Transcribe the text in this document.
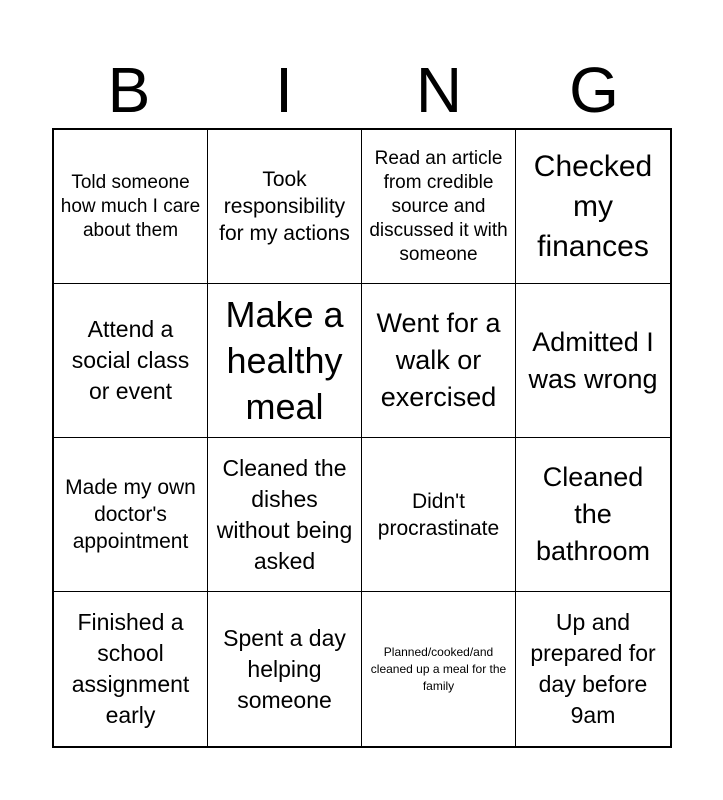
B	I	N	G
Told someone how much I care about them
Took responsibility for my actions
Read an article from credible source and discussed it with someone
Checked my finances
Attend a social class or event
Make a healthy meal
Went for a walk or exercised
Admitted I was wrong
Made my own doctor's appointment
Cleaned the dishes without being asked
Didn't procrastinate
Cleaned the bathroom
Finished a school assignment early
Spent a day helping someone
Planned/cooked/and cleaned up a meal for the family
Up and prepared for day before 9am
